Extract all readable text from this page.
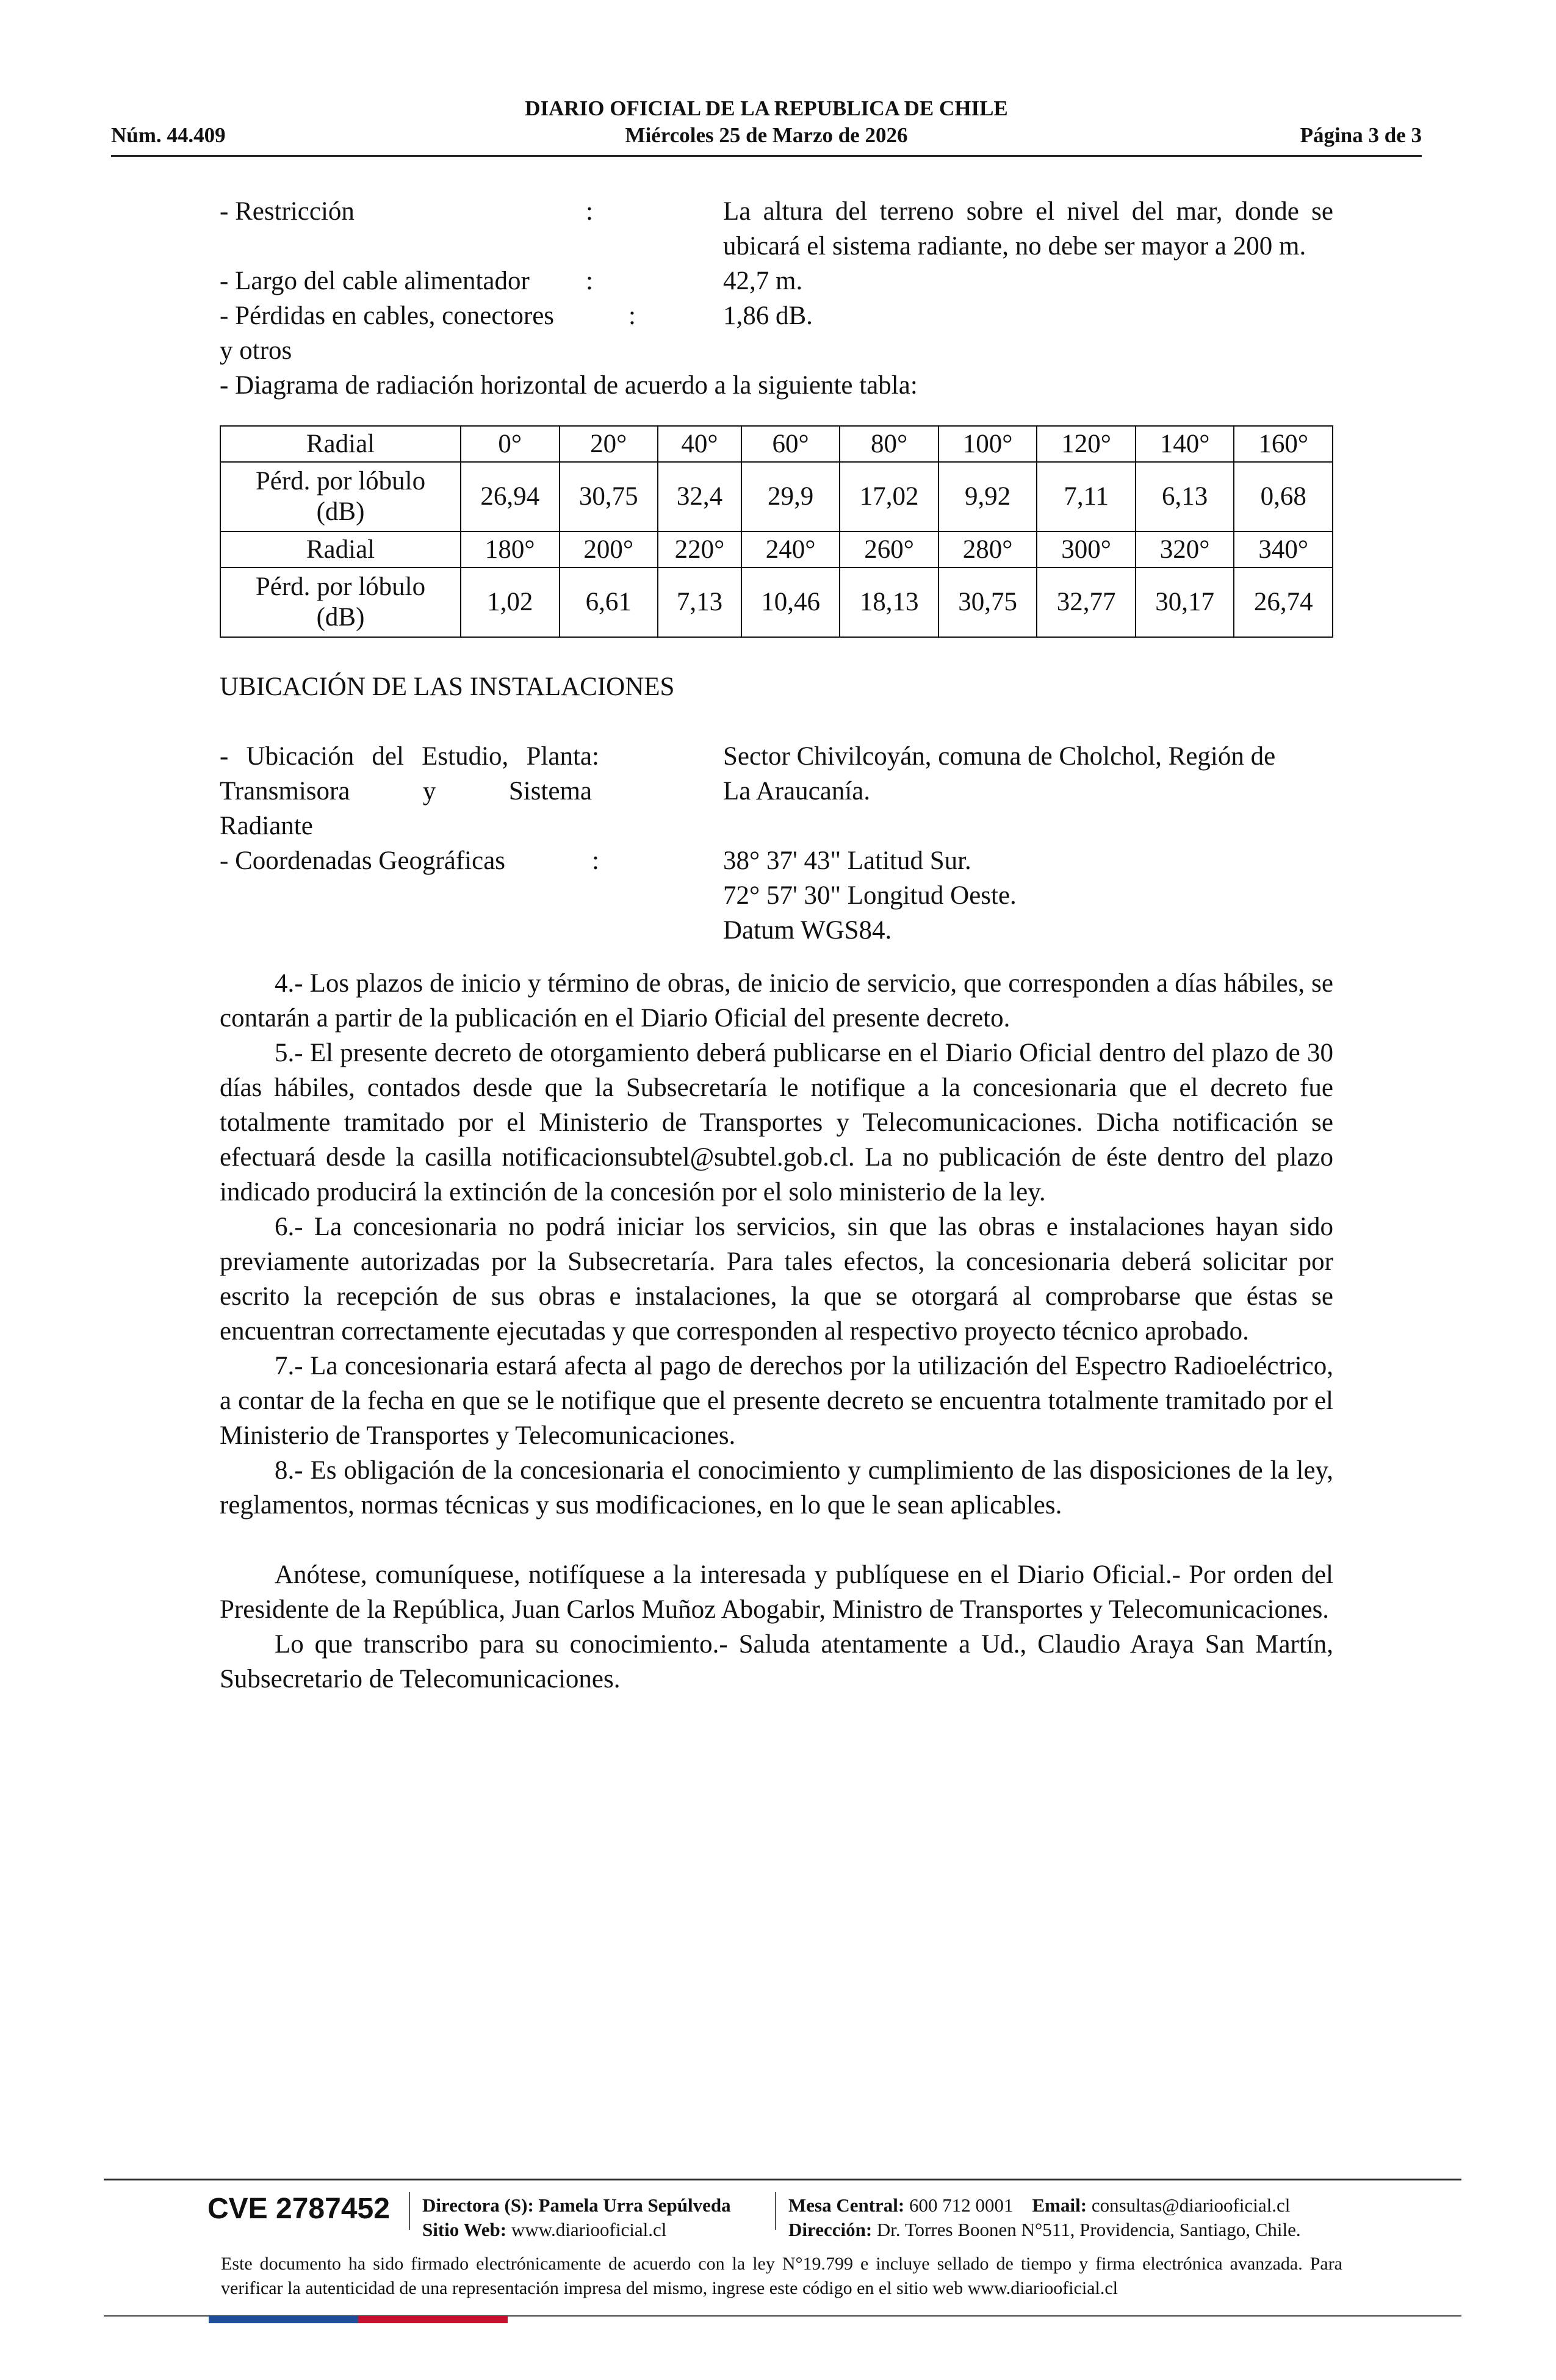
DIARIO OFICIAL DE LA REPUBLICA DE CHILE
Núm. 44.409	Miércoles 25 de Marzo de 2026	Página 3 de 3
- Restricción	:	La altura del terreno sobre el nivel del mar, donde se ubicará el sistema radiante, no debe ser mayor a 200 m.
- Largo del cable alimentador	:	42,7 m.
- Pérdidas en cables, conectores	:	1,86 dB.
y otros
- Diagrama de radiación horizontal de acuerdo a la siguiente tabla:
Radial	0°	20°	40°	60°	80°	100°	120°	140°	160°
Pérd. por lóbulo
(dB)	26,94	30,75	32,4	29,9	17,02	9,92	7,11	6,13	0,68
Radial	180°	200°	220°	240°	260°	280°	300°	320°	340°
Pérd. por lóbulo
(dB)	1,02	6,61	7,13	10,46	18,13	30,75	32,77	30,17	26,74
UBICACIÓN DE LAS INSTALACIONES
- Ubicación del Estudio, Planta :	Sector Chivilcoyán, comuna de Cholchol, Región de
Transmisora y Sistema	La Araucanía.
Radiante
- Coordenadas Geográficas	:	38° 37' 43" Latitud Sur.
72° 57' 30" Longitud Oeste.
Datum WGS84.

4.- Los plazos de inicio y término de obras, de inicio de servicio, que corresponden a días hábiles, se contarán a partir de la publicación en el Diario Oficial del presente decreto.

5.- El presente decreto de otorgamiento deberá publicarse en el Diario Oficial dentro del plazo de 30 días hábiles, contados desde que la Subsecretaría le notifique a la concesionaria que el decreto fue totalmente tramitado por el Ministerio de Transportes y Telecomunicaciones. Dicha notificación se efectuará desde la casilla notificacionsubtel@subtel.gob.cl. La no publicación de éste dentro del plazo indicado producirá la extinción de la concesión por el solo ministerio de la ley.

6.- La concesionaria no podrá iniciar los servicios, sin que las obras e instalaciones hayan sido previamente autorizadas por la Subsecretaría. Para tales efectos, la concesionaria deberá solicitar por escrito la recepción de sus obras e instalaciones, la que se otorgará al comprobarse que éstas se encuentran correctamente ejecutadas y que corresponden al respectivo proyecto técnico aprobado.

7.- La concesionaria estará afecta al pago de derechos por la utilización del Espectro Radioeléctrico, a contar de la fecha en que se le notifique que el presente decreto se encuentra totalmente tramitado por el Ministerio de Transportes y Telecomunicaciones.

8.- Es obligación de la concesionaria el conocimiento y cumplimiento de las disposiciones de la ley, reglamentos, normas técnicas y sus modificaciones, en lo que le sean aplicables.

Anótese, comuníquese, notifíquese a la interesada y publíquese en el Diario Oficial.- Por orden del Presidente de la República, Juan Carlos Muñoz Abogabir, Ministro de Transportes y Telecomunicaciones.

Lo que transcribo para su conocimiento.- Saluda atentamente a Ud., Claudio Araya San Martín, Subsecretario de Telecomunicaciones.

CVE 2787452 Directora (S): Pamela Urra Sepúlveda
Sitio Web: www.diariooficial.cl
Mesa Central: 600 712 0001 Email: consultas@diariooficial.cl
Dirección: Dr. Torres Boonen N°511, Providencia, Santiago, Chile.
Este documento ha sido firmado electrónicamente de acuerdo con la ley N°19.799 e incluye sellado de tiempo y firma electrónica avanzada. Para verificar la autenticidad de una representación impresa del mismo, ingrese este código en el sitio web www.diariooficial.cl
